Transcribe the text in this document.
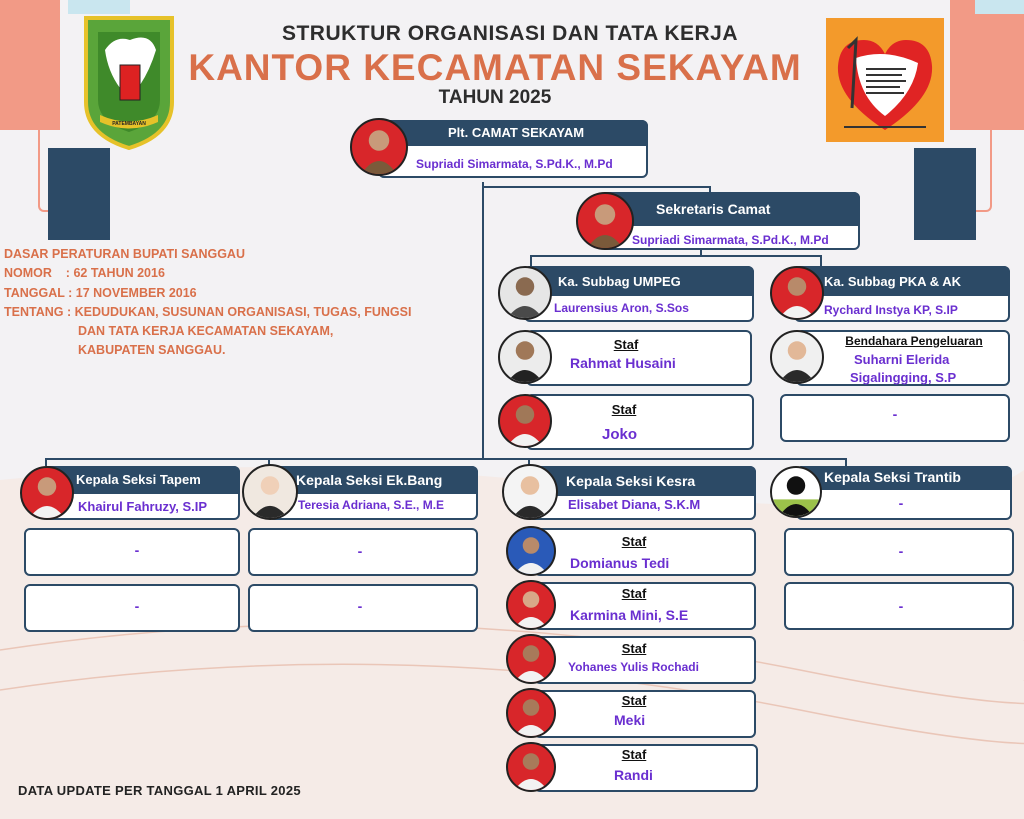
PATEMBAYAN
STRUKTUR ORGANISASI DAN TATA KERJA
KANTOR KECAMATAN SEKAYAM
TAHUN 2025
DASAR PERATURAN BUPATI SANGGAU
NOMOR    : 62 TAHUN 2016
TANGGAL : 17 NOVEMBER 2016
TENTANG : KEDUDUKAN, SUSUNAN ORGANISASI, TUGAS, FUNGSI
DAN TATA KERJA KECAMATAN SEKAYAM,
KABUPATEN SANGGAU.
Plt. CAMAT SEKAYAM
Supriadi Simarmata, S.Pd.K., M.Pd
Sekretaris Camat
Supriadi Simarmata, S.Pd.K., M.Pd
Ka. Subbag UMPEG
Laurensius Aron, S.Sos
Staf
Rahmat Husaini
Staf
Joko
Ka. Subbag PKA & AK
Rychard Instya KP, S.IP
Bendahara Pengeluaran
Suharni Elerida
Sigalingging, S.P
-
Kepala Seksi Tapem
Khairul Fahruzy, S.IP
-
-
Kepala Seksi Ek.Bang
Teresia Adriana, S.E., M.E
-
-
Kepala Seksi Kesra
Elisabet Diana, S.K.M
Staf
Domianus Tedi
Staf
Karmina Mini, S.E
Staf
Yohanes Yulis Rochadi
Staf
Meki
Staf
Randi
Kepala Seksi Trantib
-
-
-
DATA UPDATE PER TANGGAL 1 APRIL 2025
